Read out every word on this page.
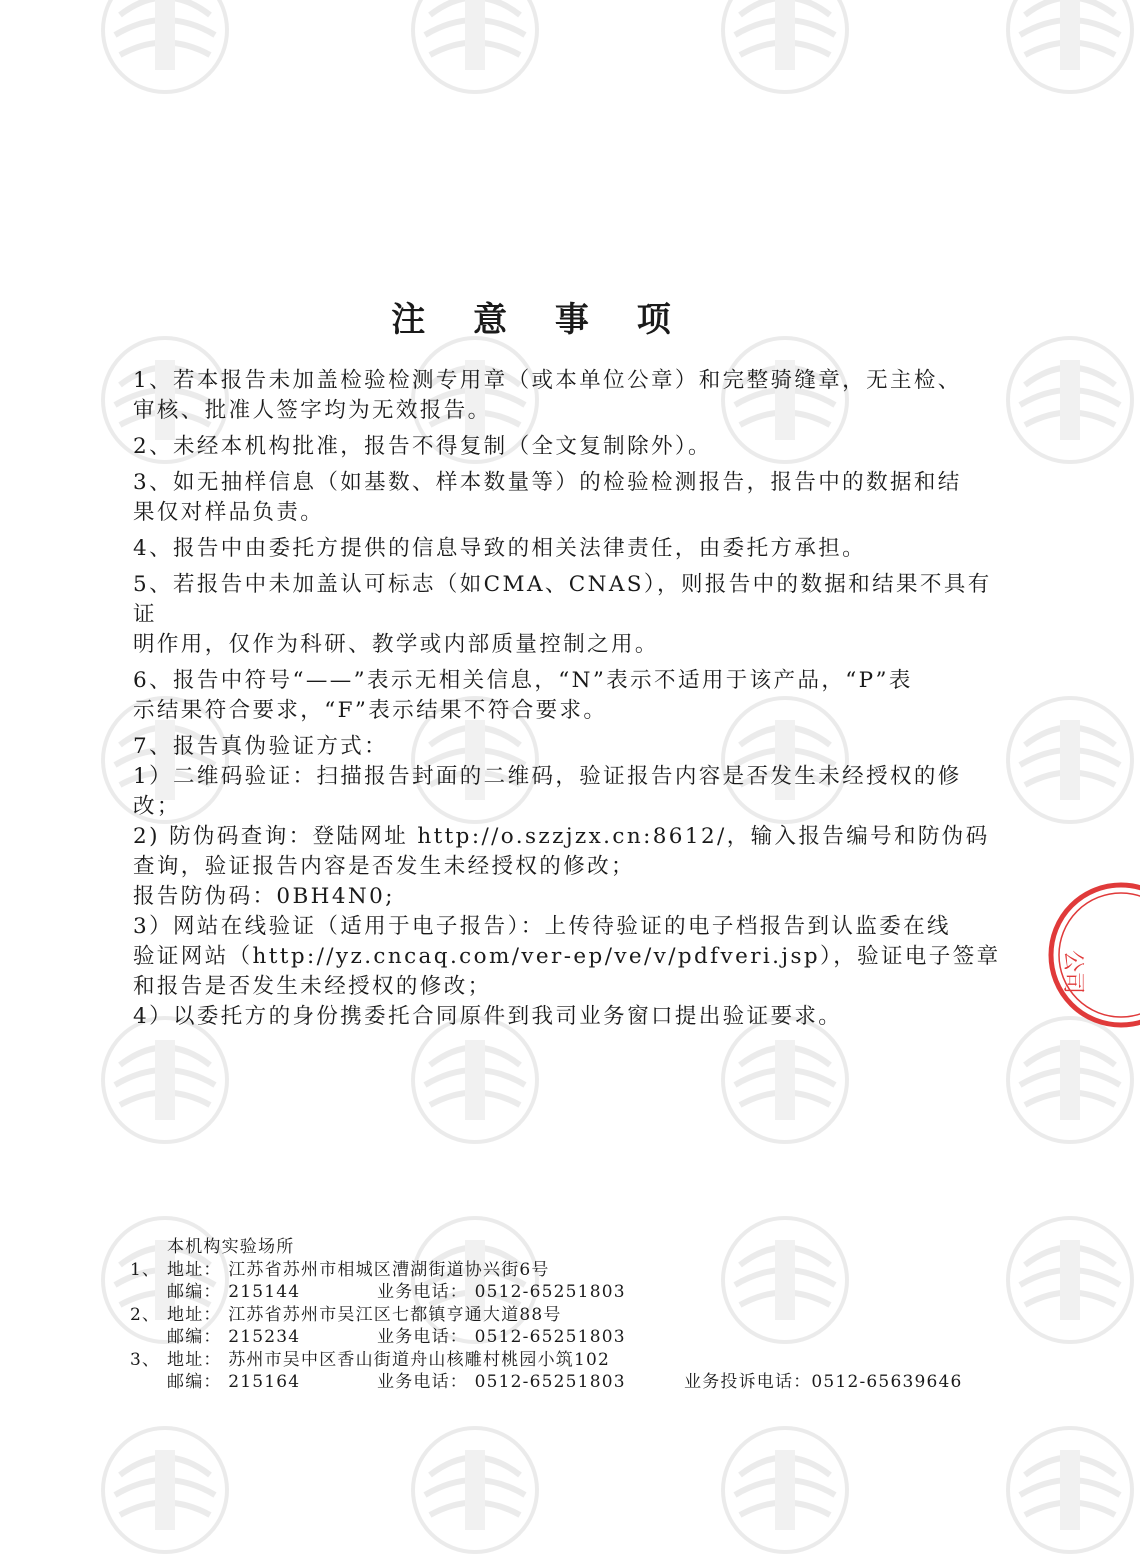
注 意 事 项
1、若本报告未加盖检验检测专用章（或本单位公章）和完整骑缝章，无主检、
审核、批准人签字均为无效报告。
2、未经本机构批准，报告不得复制（全文复制除外）。
3、如无抽样信息（如基数、样本数量等）的检验检测报告，报告中的数据和结
果仅对样品负责。
4、报告中由委托方提供的信息导致的相关法律责任，由委托方承担。
5、若报告中未加盖认可标志（如CMA、CNAS），则报告中的数据和结果不具有证
明作用，仅作为科研、教学或内部质量控制之用。
6、报告中符号“——”表示无相关信息，“N”表示不适用于该产品，“P”表
示结果符合要求，“F”表示结果不符合要求。
7、报告真伪验证方式：
1）二维码验证：扫描报告封面的二维码，验证报告内容是否发生未经授权的修
改；
2) 防伪码查询：登陆网址 http://o.szzjzx.cn:8612/，输入报告编号和防伪码
查询，验证报告内容是否发生未经授权的修改；
报告防伪码：0BH4N0;
3）网站在线验证（适用于电子报告）：上传待验证的电子档报告到认监委在线
验证网站（http://yz.cncaq.com/ver-ep/ve/v/pdfveri.jsp），验证电子签章
和报告是否发生未经授权的修改；
4）以委托方的身份携委托合同原件到我司业务窗口提出验证要求。
本机构实验场所
1、 地址： 江苏省苏州市相城区漕湖街道协兴街6号
邮编： 215144	业务电话： 0512-65251803
2、 地址： 江苏省苏州市吴江区七都镇亨通大道88号
邮编： 215234	业务电话： 0512-65251803
3、 地址： 苏州市吴中区香山街道舟山核雕村桃园小筑102
邮编： 215164	业务电话： 0512-65251803	业务投诉电话：0512-65639646
公司
